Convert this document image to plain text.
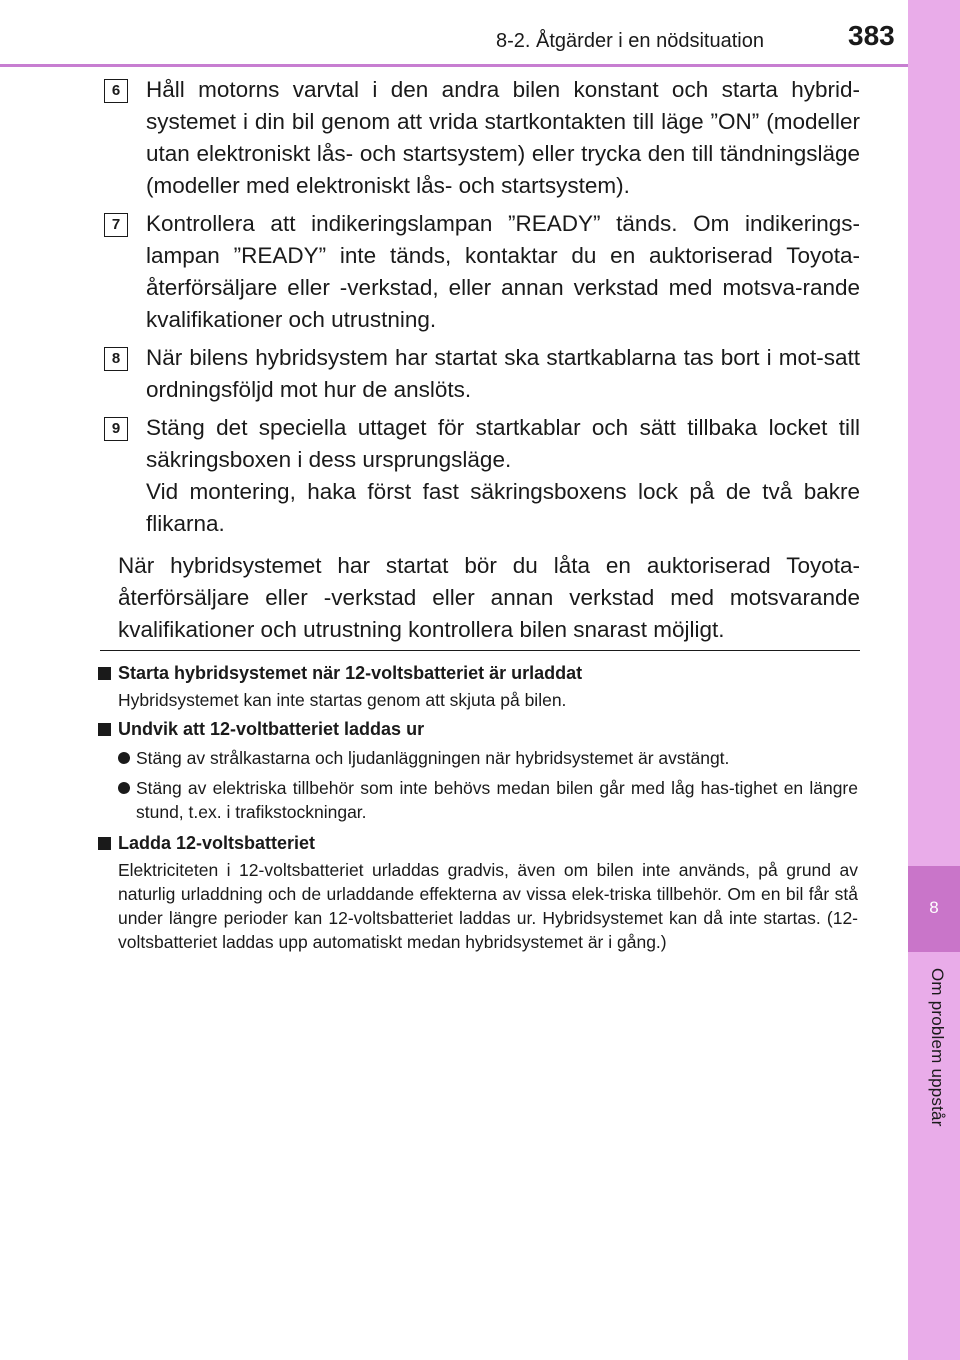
8-2. Åtgärder i en nödsituation	383
8
Om problem uppstår
6	Håll motorns varvtal i den andra bilen konstant och starta hybrid-systemet i din bil genom att vrida startkontakten till läge ”ON” (modeller utan elektroniskt lås- och startsystem) eller trycka den till tändningsläge (modeller med elektroniskt lås- och startsystem).

7	Kontrollera att indikeringslampan ”READY” tänds. Om indikerings-lampan ”READY” inte tänds, kontaktar du en auktoriserad Toyota-återförsäljare eller -verkstad, eller annan verkstad med motsva-rande kvalifikationer och utrustning.

8	När bilens hybridsystem har startat ska startkablarna tas bort i mot-satt ordningsföljd mot hur de anslöts.

9	Stäng det speciella uttaget för startkablar och sätt tillbaka locket till säkringsboxen i dess ursprungsläge.

Vid montering, haka först fast säkringsboxens lock på de två bakre flikarna.

När hybridsystemet har startat bör du låta en auktoriserad Toyota-återförsäljare eller -verkstad eller annan verkstad med motsvarande kvalifikationer och utrustning kontrollera bilen snarast möjligt.

Starta hybridsystemet när 12-voltsbatteriet är urladdat
Hybridsystemet kan inte startas genom att skjuta på bilen.
Undvik att 12-voltbatteriet laddas ur
Stäng av strålkastarna och ljudanläggningen när hybridsystemet är avstängt.
Stäng av elektriska tillbehör som inte behövs medan bilen går med låg has-tighet en längre stund, t.ex. i trafikstockningar.
Ladda 12-voltsbatteriet
Elektriciteten i 12-voltsbatteriet urladdas gradvis, även om bilen inte används, på grund av naturlig urladdning och de urladdande effekterna av vissa elek-triska tillbehör. Om en bil får stå under längre perioder kan 12-voltsbatteriet laddas ur. Hybridsystemet kan då inte startas. (12-voltsbatteriet laddas upp automatiskt medan hybridsystemet är i gång.)
